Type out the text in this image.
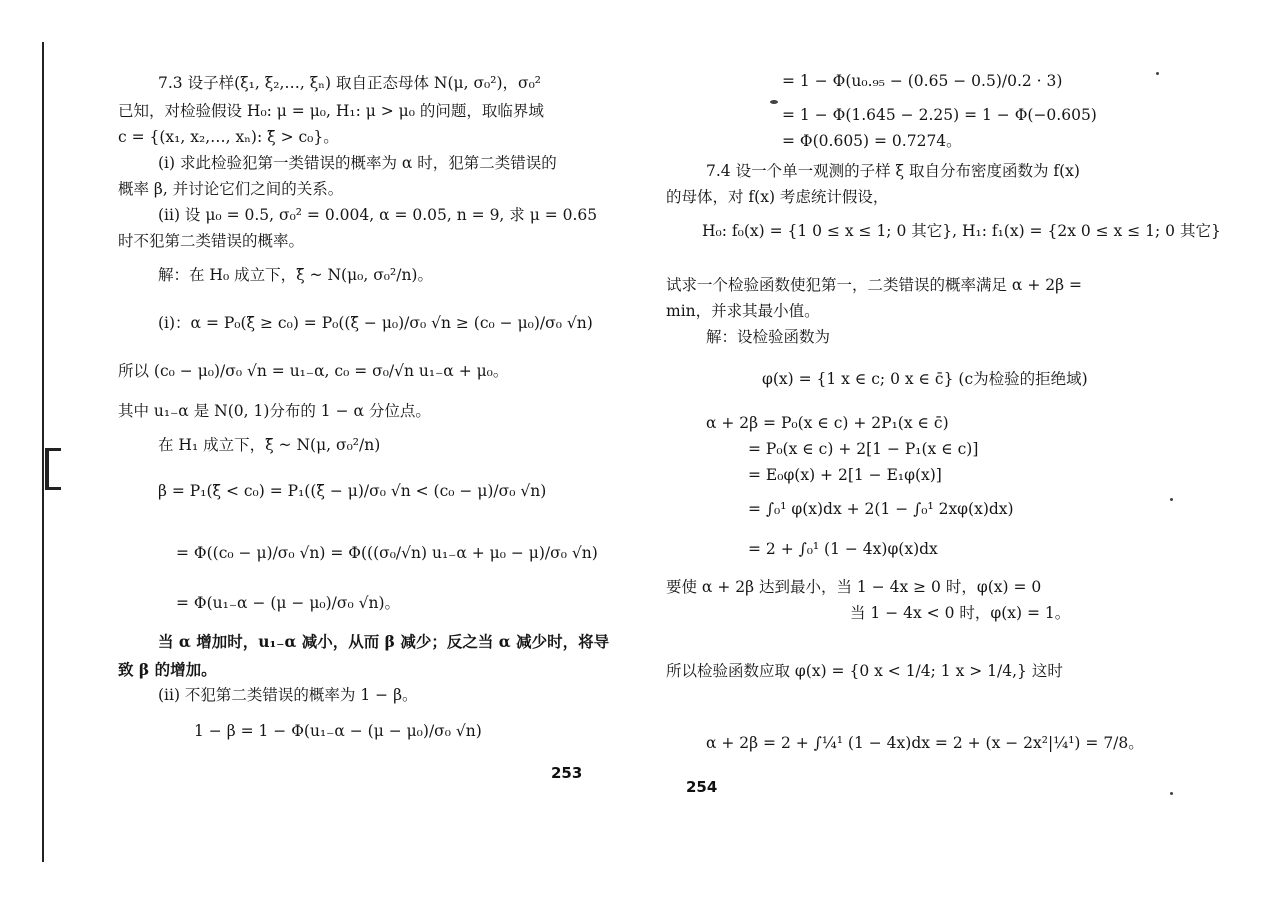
7.3 设子样(ξ₁, ξ₂,…, ξₙ) 取自正态母体 N(μ, σ₀²)，σ₀²
已知，对检验假设 H₀: μ = μ₀, H₁: μ > μ₀ 的问题，取临界域
c = {(x₁, x₂,…, xₙ): ξ̄ > c₀}。
(i) 求此检验犯第一类错误的概率为 α 时，犯第二类错误的
概率 β, 并讨论它们之间的关系。
(ii) 设 μ₀ = 0.5, σ₀² = 0.004, α = 0.05, n = 9, 求 μ = 0.65
时不犯第二类错误的概率。
解：在 H₀ 成立下，ξ̄ ~ N(μ₀, σ₀²/n)。
(i)：α = P₀(ξ̄ ≥ c₀) = P₀((ξ̄ − μ₀)/σ₀ √n ≥ (c₀ − μ₀)/σ₀ √n)
所以 (c₀ − μ₀)/σ₀ √n = u₁₋α, c₀ = σ₀/√n u₁₋α + μ₀。
其中 u₁₋α 是 N(0, 1)分布的 1 − α 分位点。
在 H₁ 成立下，ξ̄ ~ N(μ, σ₀²/n)
β = P₁(ξ̄ < c₀) = P₁((ξ̄ − μ)/σ₀ √n < (c₀ − μ)/σ₀ √n)
= Φ((c₀ − μ)/σ₀ √n) = Φ(((σ₀/√n) u₁₋α + μ₀ − μ)/σ₀ √n)
= Φ(u₁₋α − (μ − μ₀)/σ₀ √n)。
当 α 增加时，u₁₋α 减小，从而 β 减少；反之当 α 减少时，将导
致 β 的增加。
(ii) 不犯第二类错误的概率为 1 − β。
1 − β = 1 − Φ(u₁₋α − (μ − μ₀)/σ₀ √n)
253
= 1 − Φ(u₀.₉₅ − (0.65 − 0.5)/0.2 · 3)
= 1 − Φ(1.645 − 2.25) = 1 − Φ(−0.605)
= Φ(0.605) = 0.7274。
7.4 设一个单一观测的子样 ξ 取自分布密度函数为 f(x)
的母体，对 f(x) 考虑统计假设，
H₀: f₀(x) = {1 0 ≤ x ≤ 1; 0 其它}, H₁: f₁(x) = {2x 0 ≤ x ≤ 1; 0 其它}
试求一个检验函数使犯第一，二类错误的概率满足 α + 2β =
min，并求其最小值。
解：设检验函数为
φ(x) = {1 x ∈ c; 0 x ∈ c̄} (c为检验的拒绝域)
α + 2β = P₀(x ∈ c) + 2P₁(x ∈ c̄)
= P₀(x ∈ c) + 2[1 − P₁(x ∈ c)]
= E₀φ(x) + 2[1 − E₁φ(x)]
= ∫₀¹ φ(x)dx + 2(1 − ∫₀¹ 2xφ(x)dx)
= 2 + ∫₀¹ (1 − 4x)φ(x)dx
要使 α + 2β 达到最小，当 1 − 4x ≥ 0 时，φ(x) = 0
当 1 − 4x < 0 时，φ(x) = 1。
所以检验函数应取 φ(x) = {0 x < 1/4; 1 x > 1/4,} 这时
α + 2β = 2 + ∫¼¹ (1 − 4x)dx = 2 + (x − 2x²|¼¹) = 7/8。
254
